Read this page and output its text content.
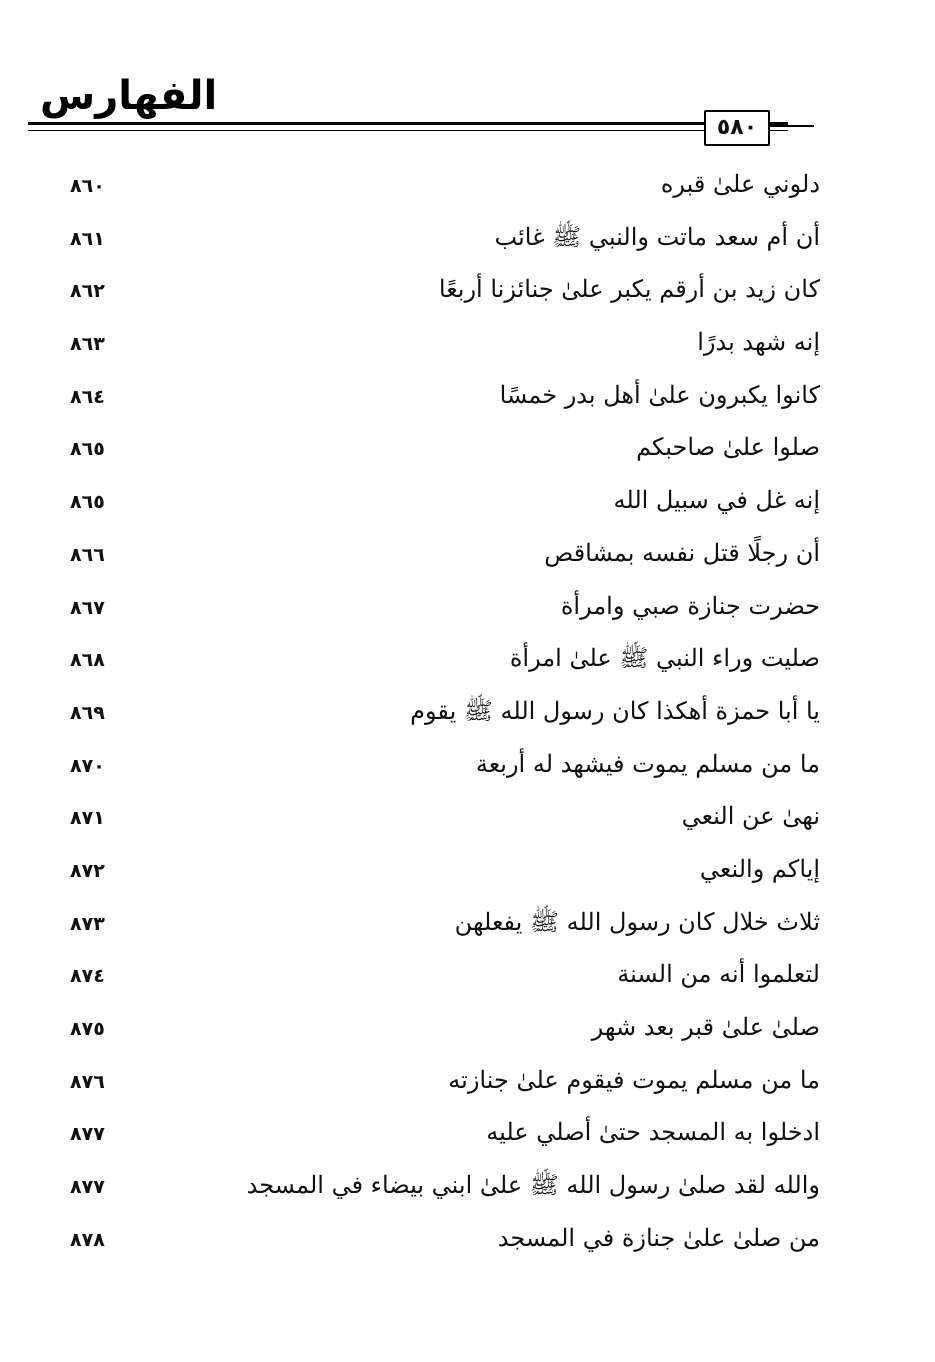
الفهارس
٥٨٠
دلوني علىٰ قبره
٨٦٠
أن أم سعد ماتت والنبي ﷺ غائب
٨٦١
كان زيد بن أرقم يكبر علىٰ جنائزنا أربعًا
٨٦٢
إنه شهد بدرًا
٨٦٣
كانوا يكبرون علىٰ أهل بدر خمسًا
٨٦٤
صلوا علىٰ صاحبكم
٨٦٥
إنه غل في سبيل الله
٨٦٥
أن رجلًا قتل نفسه بمشاقص
٨٦٦
حضرت جنازة صبي وامرأة
٨٦٧
صليت وراء النبي ﷺ علىٰ امرأة
٨٦٨
يا أبا حمزة أهكذا كان رسول الله ﷺ يقوم
٨٦٩
ما من مسلم يموت فيشهد له أربعة
٨٧٠
نهىٰ عن النعي
٨٧١
إياكم والنعي
٨٧٢
ثلاث خلال كان رسول الله ﷺ يفعلهن
٨٧٣
لتعلموا أنه من السنة
٨٧٤
صلىٰ علىٰ قبر بعد شهر
٨٧٥
ما من مسلم يموت فيقوم علىٰ جنازته
٨٧٦
ادخلوا به المسجد حتىٰ أصلي عليه
٨٧٧
والله لقد صلىٰ رسول الله ﷺ علىٰ ابني بيضاء في المسجد
٨٧٧
من صلىٰ علىٰ جنازة في المسجد
٨٧٨
